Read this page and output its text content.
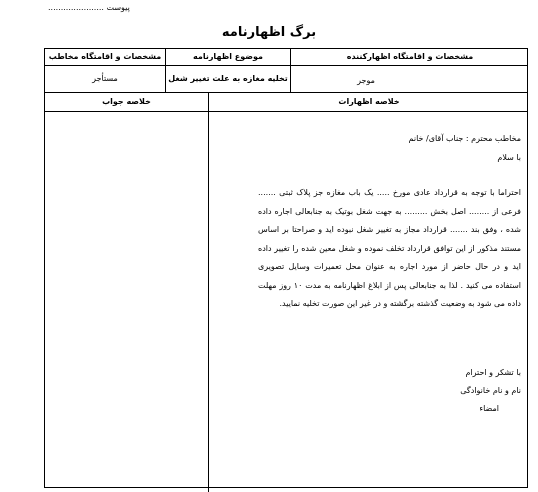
پیوست ......................
برگ اظهارنامه
مشخصات و اقامتگاه مخاطب	موضوع اظهارنامه	مشخصات و اقامتگاه اظهارکننده
مستأجر	تخلیه مغازه به علت تغییر شغل	موجر
خلاصه جواب	خلاصه اظهارات

مخاطب محترم : جناب آقای/ خانم

با سلام

احتراما با توجه به قرارداد عادی مورخ ..... یک باب مغازه جز پلاک ثبتی ....... فرعی از ........ اصل بخش ......... به جهت شغل بوتیک به جنابعالی اجاره داده شده ، وفق بند ....... قرارداد مجاز به تغییر شغل نبوده اید و صراحتا بر اساس مستند مذکور از این توافق قرارداد تخلف نموده و شغل معین شده را تغییر داده اید و در حال حاضر از مورد اجاره به عنوان محل تعمیرات وسایل تصویری استفاده می کنید . لذا به جنابعالی پس از ابلاغ اظهارنامه به مدت ۱۰ روز مهلت داده می شود به وضعیت گذشته برگشته و در غیر این صورت تخلیه نمایید.

با تشکر و احترام
نام و نام خانوادگی
امضاء
